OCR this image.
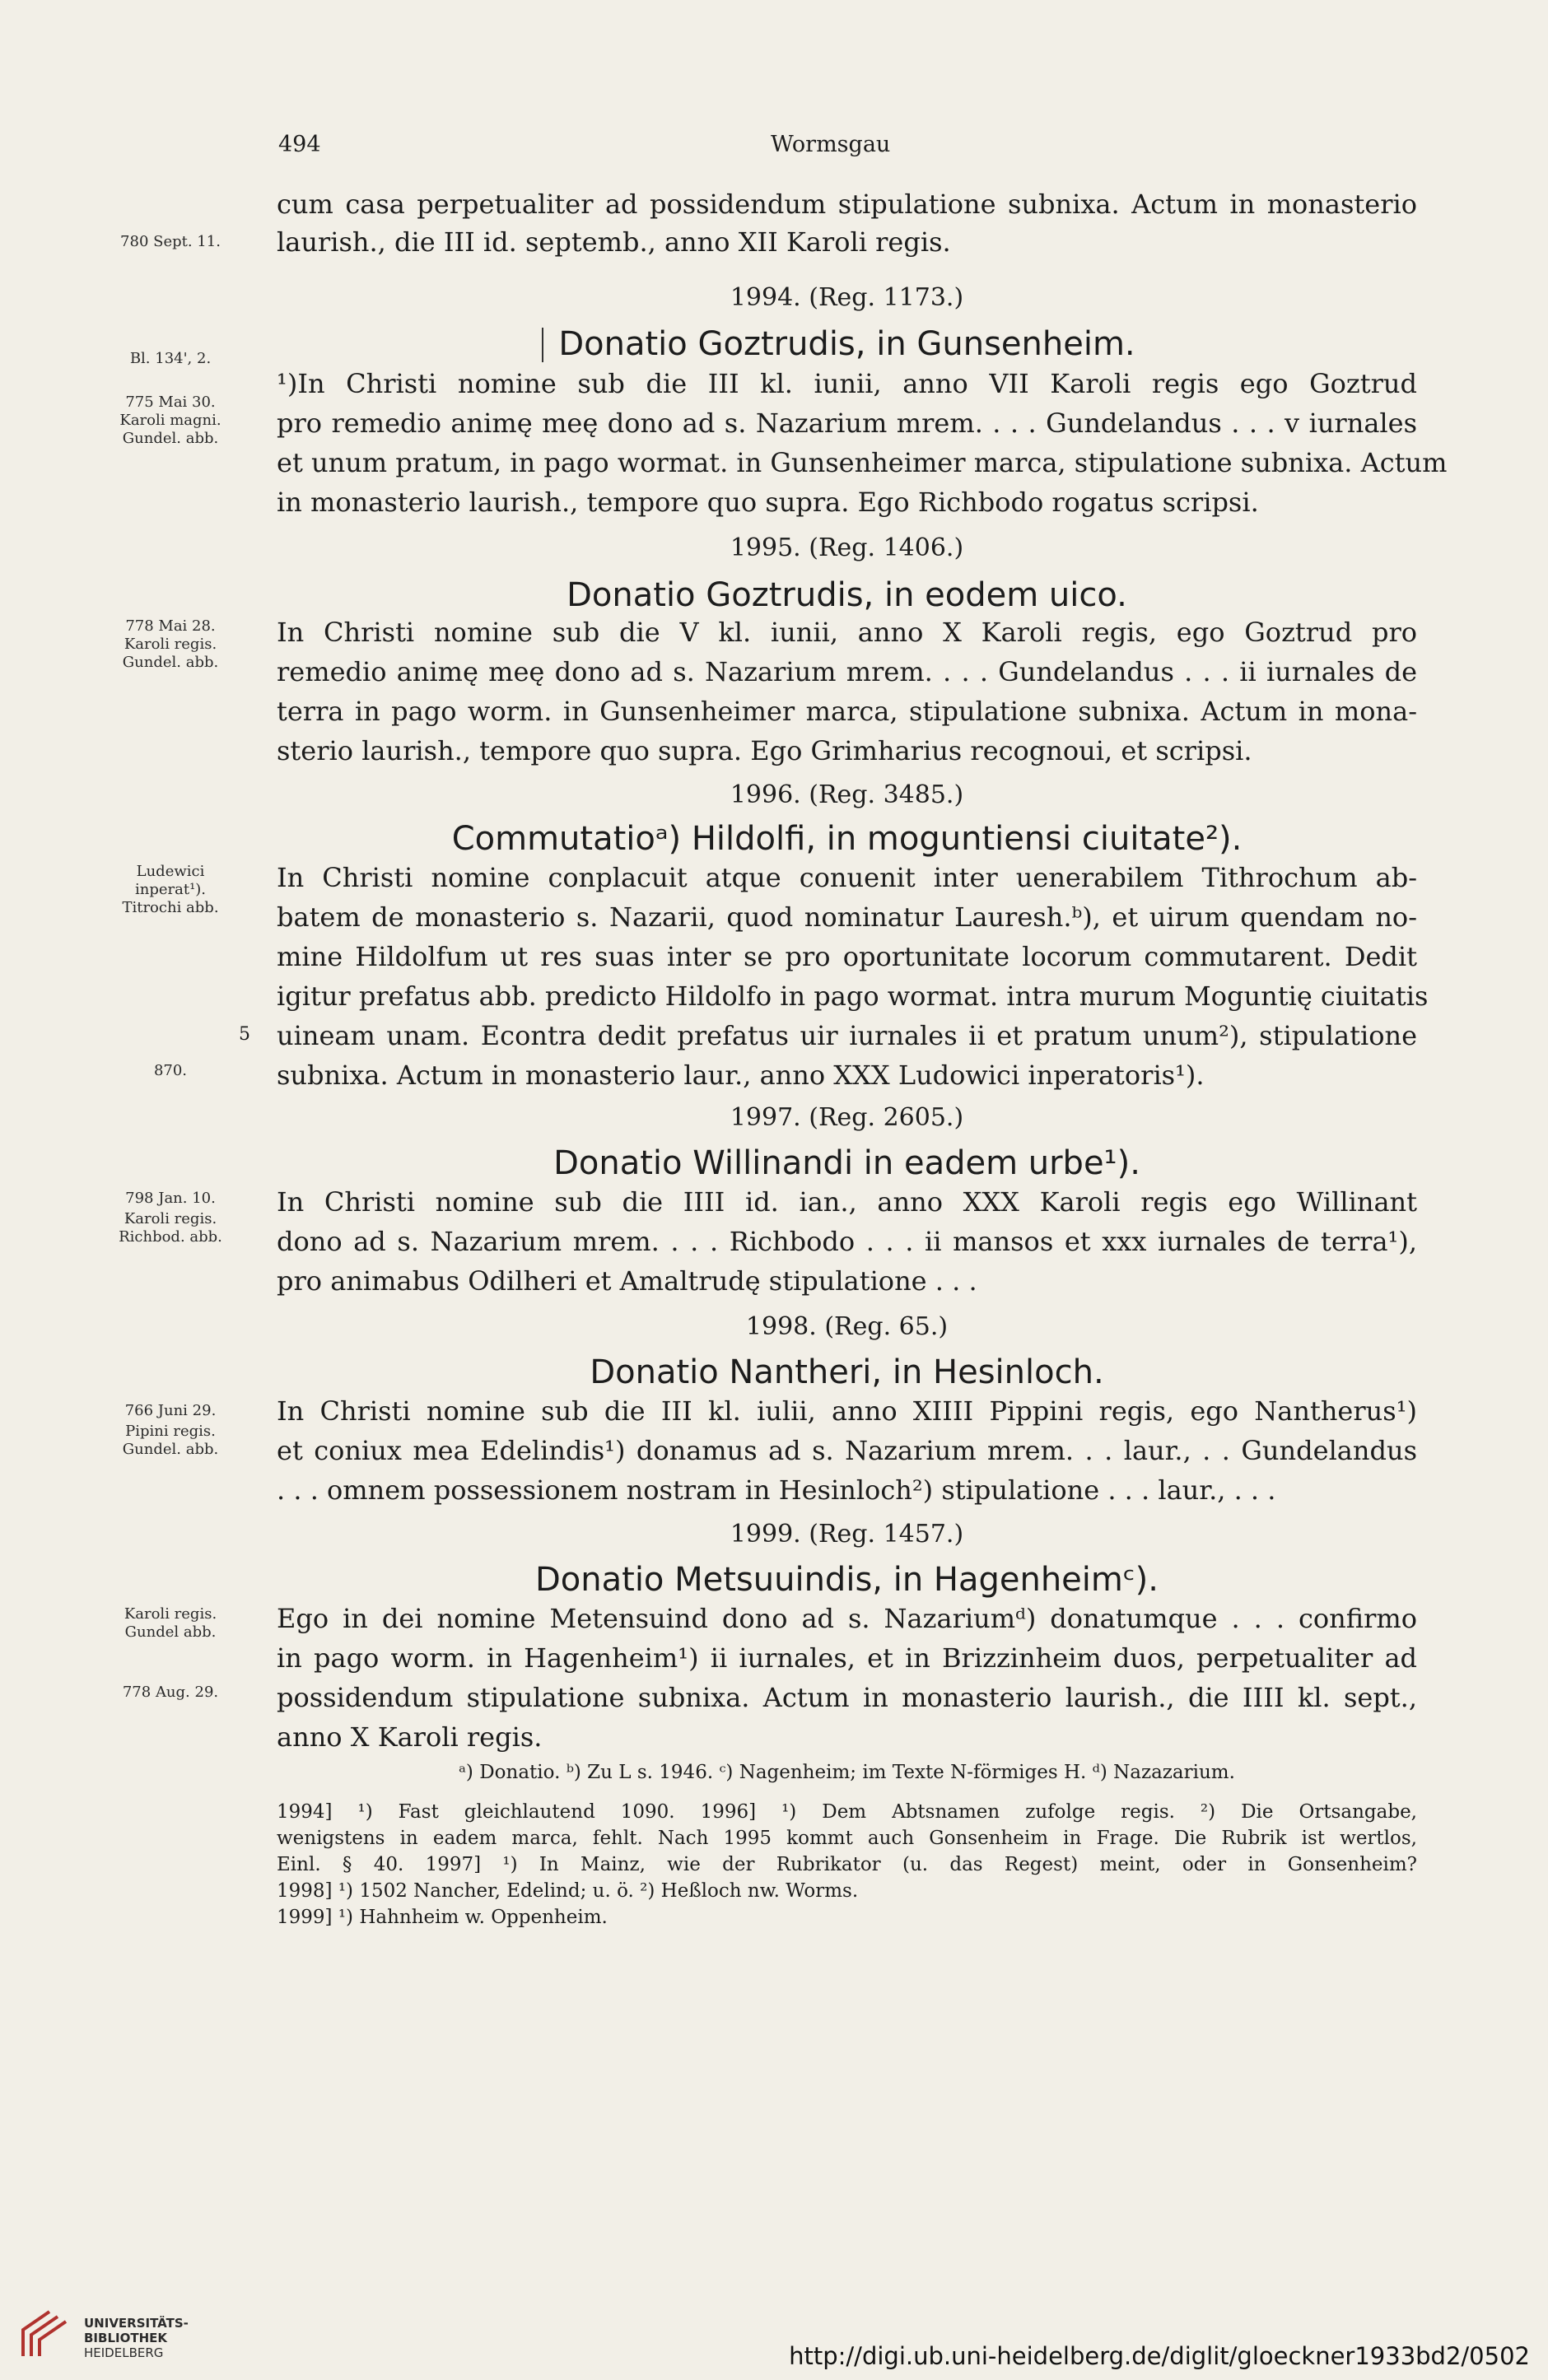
494	Wormsgau
780 Sept. 11.
Bl. 134', 2.
775 Mai 30.
Karoli magni.
Gundel. abb.
778 Mai 28.
Karoli regis.
Gundel. abb.
Ludewici
inperat¹).
Titrochi abb.
870.
798 Jan. 10.
Karoli regis.
Richbod. abb.
766 Juni 29.
Pipini regis.
Gundel. abb.
Karoli regis.
Gundel abb.
778 Aug. 29.
cum casa perpetualiter ad possidendum stipulatione subnixa. Actum in monasterio
laurish., die III id. septemb., anno XII Karoli regis.
1994. (Reg. 1173.)
Donatio Goztrudis, in Gunsenheim.
¹)In Christi nomine sub die III kl. iunii, anno VII Karoli regis ego Goztrud
pro remedio animę meę dono ad s. Nazarium mrem. . . . Gundelandus . . . v iurnales
et unum pratum, in pago wormat. in Gunsenheimer marca, stipulatione subnixa. Actum
in monasterio laurish., tempore quo supra. Ego Richbodo rogatus scripsi.
1995. (Reg. 1406.)
Donatio Goztrudis, in eodem uico.
In Christi nomine sub die V kl. iunii, anno X Karoli regis, ego Goztrud pro
remedio animę meę dono ad s. Nazarium mrem. . . . Gundelandus . . . ii iurnales de
terra in pago worm. in Gunsenheimer marca, stipulatione subnixa. Actum in mona-
sterio laurish., tempore quo supra. Ego Grimharius recognoui, et scripsi.
1996. (Reg. 3485.)
Commutatioᵃ) Hildolfi, in moguntiensi ciuitate²).
In Christi nomine conplacuit atque conuenit inter uenerabilem Tithrochum ab-
batem de monasterio s. Nazarii, quod nominatur Lauresh.ᵇ), et uirum quendam no-
mine Hildolfum ut res suas inter se pro oportunitate locorum commutarent. Dedit
igitur prefatus abb. predicto Hildolfo in pago wormat. intra murum Moguntię ciuitatis
uineam unam. Econtra dedit prefatus uir iurnales ii et pratum unum²), stipulatione
subnixa. Actum in monasterio laur., anno XXX Ludowici inperatoris¹).
5
1997. (Reg. 2605.)
Donatio Willinandi in eadem urbe¹).
In Christi nomine sub die IIII id. ian., anno XXX Karoli regis ego Willinant
dono ad s. Nazarium mrem. . . . Richbodo . . . ii mansos et xxx iurnales de terra¹),
pro animabus Odilheri et Amaltrudę stipulatione . . .
1998. (Reg. 65.)
Donatio Nantheri, in Hesinloch.
In Christi nomine sub die III kl. iulii, anno XIIII Pippini regis, ego Nantherus¹)
et coniux mea Edelindis¹) donamus ad s. Nazarium mrem. . . laur., . . Gundelandus
. . . omnem possessionem nostram in Hesinloch²) stipulatione . . . laur., . . .
1999. (Reg. 1457.)
Donatio Metsuuindis, in Hagenheimᶜ).
Ego in dei nomine Metensuind dono ad s. Nazariumᵈ) donatumque . . . confirmo
in pago worm. in Hagenheim¹) ii iurnales, et in Brizzinheim duos, perpetualiter ad
possidendum stipulatione subnixa. Actum in monasterio laurish., die IIII kl. sept.,
anno X Karoli regis.
ᵃ) Donatio. ᵇ) Zu L s. 1946. ᶜ) Nagenheim; im Texte N-förmiges H. ᵈ) Nazazarium.
1994] ¹) Fast gleichlautend 1090. 1996] ¹) Dem Abtsnamen zufolge regis. ²) Die Ortsangabe,
wenigstens in eadem marca, fehlt. Nach 1995 kommt auch Gonsenheim in Frage. Die Rubrik ist wertlos,
Einl. § 40. 1997] ¹) In Mainz, wie der Rubrikator (u. das Regest) meint, oder in Gonsenheim?
1998] ¹) 1502 Nancher, Edelind; u. ö. ²) Heßloch nw. Worms.
1999] ¹) Hahnheim w. Oppenheim.
UNIVERSITÄTS-
BIBLIOTHEK
HEIDELBERG	http://digi.ub.uni-heidelberg.de/diglit/gloeckner1933bd2/0502
